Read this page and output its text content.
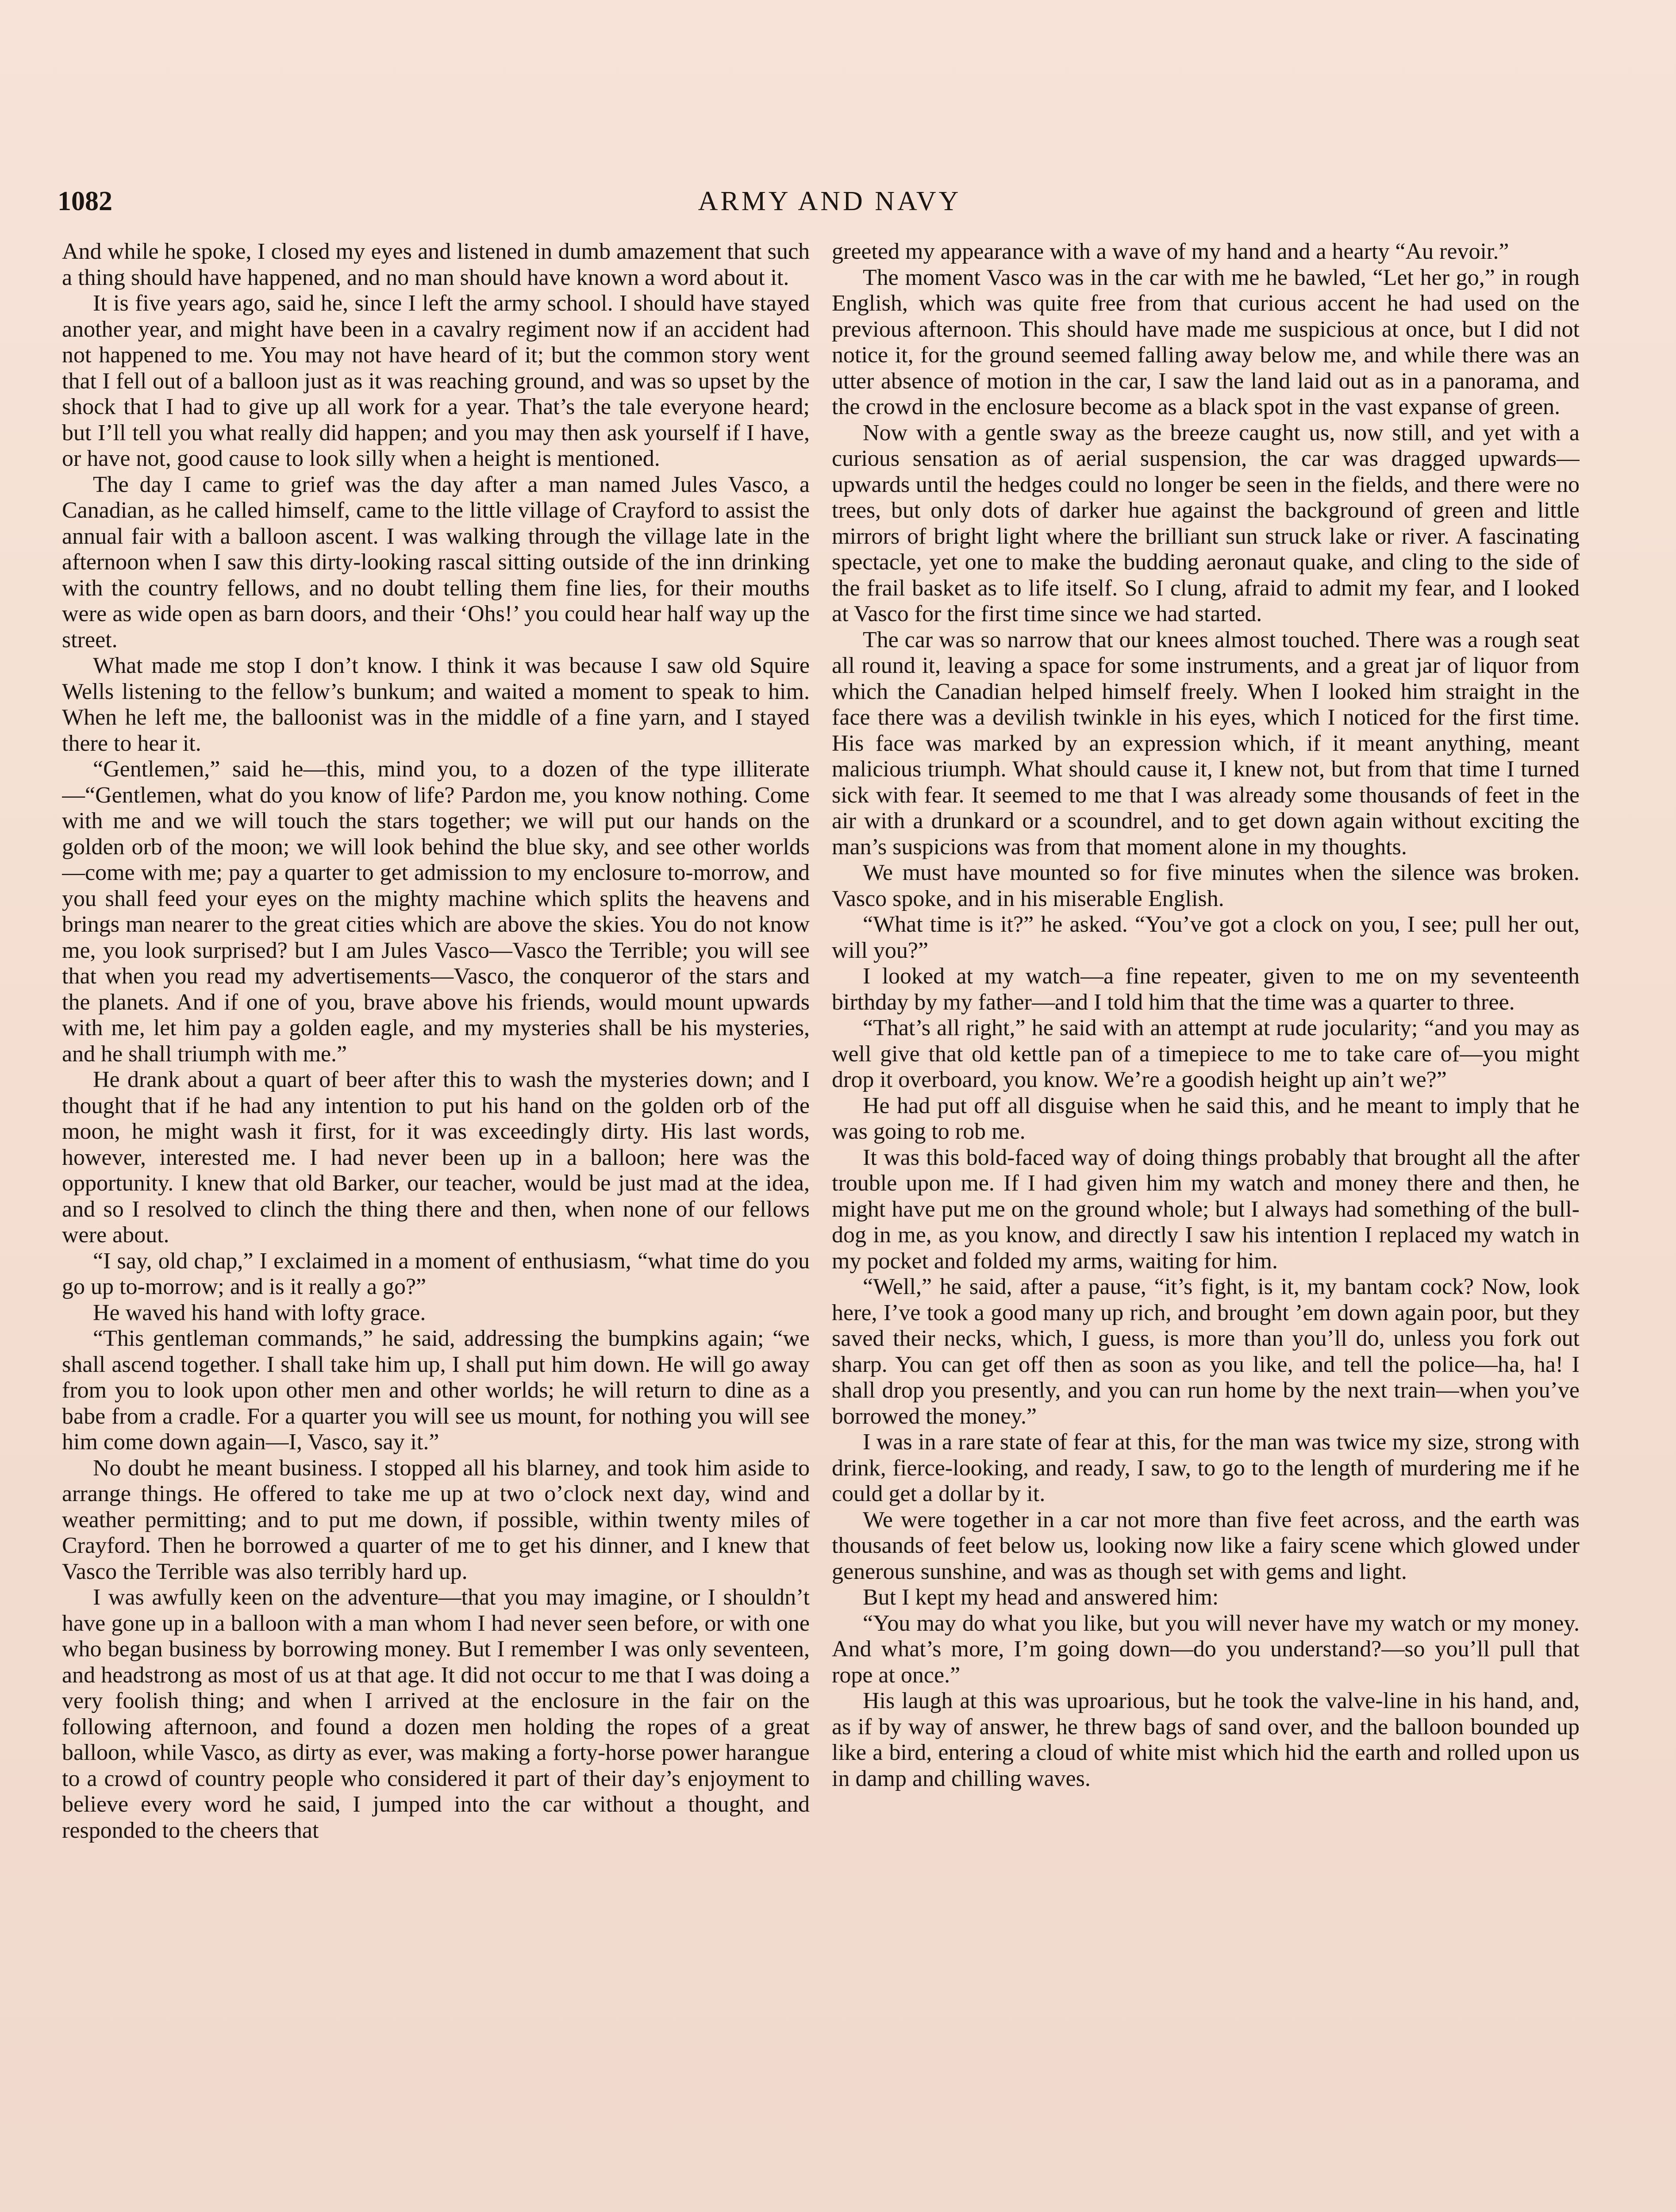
1082	ARMY AND NAVY

And while he spoke, I closed my eyes and listened in dumb amazement that such a thing should have happened, and no man should have known a word about it.

It is five years ago, said he, since I left the army school. I should have stayed another year, and might have been in a cavalry regiment now if an accident had not happened to me. You may not have heard of it; but the common story went that I fell out of a balloon just as it was reaching ground, and was so upset by the shock that I had to give up all work for a year. That’s the tale everyone heard; but I’ll tell you what really did happen; and you may then ask yourself if I have, or have not, good cause to look silly when a height is mentioned.

The day I came to grief was the day after a man named Jules Vasco, a Canadian, as he called himself, came to the little village of Crayford to assist the annual fair with a balloon ascent. I was walking through the village late in the afternoon when I saw this dirty-looking rascal sitting outside of the inn drinking with the country fellows, and no doubt telling them fine lies, for their mouths were as wide open as barn doors, and their ‘Ohs!’ you could hear half way up the street.

What made me stop I don’t know. I think it was because I saw old Squire Wells listening to the fellow’s bunkum; and waited a moment to speak to him. When he left me, the balloonist was in the middle of a fine yarn, and I stayed there to hear it.

“Gentlemen,” said he—this, mind you, to a dozen of the type illiterate—“Gentlemen, what do you know of life? Pardon me, you know nothing. Come with me and we will touch the stars together; we will put our hands on the golden orb of the moon; we will look behind the blue sky, and see other worlds—come with me; pay a quarter to get admission to my enclosure to-morrow, and you shall feed your eyes on the mighty machine which splits the heavens and brings man nearer to the great cities which are above the skies. You do not know me, you look surprised? but I am Jules Vasco—Vasco the Terrible; you will see that when you read my advertisements—Vasco, the conqueror of the stars and the planets. And if one of you, brave above his friends, would mount upwards with me, let him pay a golden eagle, and my mysteries shall be his mysteries, and he shall triumph with me.”

He drank about a quart of beer after this to wash the mysteries down; and I thought that if he had any intention to put his hand on the golden orb of the moon, he might wash it first, for it was exceedingly dirty. His last words, however, interested me. I had never been up in a balloon; here was the opportunity. I knew that old Barker, our teacher, would be just mad at the idea, and so I resolved to clinch the thing there and then, when none of our fellows were about.

“I say, old chap,” I exclaimed in a moment of enthusiasm, “what time do you go up to-morrow; and is it really a go?”

He waved his hand with lofty grace.

“This gentleman commands,” he said, addressing the bumpkins again; “we shall ascend together. I shall take him up, I shall put him down. He will go away from you to look upon other men and other worlds; he will return to dine as a babe from a cradle. For a quarter you will see us mount, for nothing you will see him come down again—I, Vasco, say it.”

No doubt he meant business. I stopped all his blarney, and took him aside to arrange things. He offered to take me up at two o’clock next day, wind and weather permitting; and to put me down, if possible, within twenty miles of Crayford. Then he borrowed a quarter of me to get his dinner, and I knew that Vasco the Terrible was also terribly hard up.

I was awfully keen on the adventure—that you may imagine, or I shouldn’t have gone up in a balloon with a man whom I had never seen before, or with one who began business by borrowing money. But I remember I was only seventeen, and headstrong as most of us at that age. It did not occur to me that I was doing a very foolish thing; and when I arrived at the enclosure in the fair on the following afternoon, and found a dozen men holding the ropes of a great balloon, while Vasco, as dirty as ever, was making a forty-horse power harangue to a crowd of country people who considered it part of their day’s enjoyment to believe every word he said, I jumped into the car without a thought, and responded to the cheers that

greeted my appearance with a wave of my hand and a hearty “Au revoir.”

The moment Vasco was in the car with me he bawled, “Let her go,” in rough English, which was quite free from that curious accent he had used on the previous afternoon. This should have made me suspicious at once, but I did not notice it, for the ground seemed falling away below me, and while there was an utter absence of motion in the car, I saw the land laid out as in a panorama, and the crowd in the enclosure become as a black spot in the vast expanse of green.

Now with a gentle sway as the breeze caught us, now still, and yet with a curious sensation as of aerial suspension, the car was dragged upwards—upwards until the hedges could no longer be seen in the fields, and there were no trees, but only dots of darker hue against the background of green and little mirrors of bright light where the brilliant sun struck lake or river. A fascinating spectacle, yet one to make the budding aeronaut quake, and cling to the side of the frail basket as to life itself. So I clung, afraid to admit my fear, and I looked at Vasco for the first time since we had started.

The car was so narrow that our knees almost touched. There was a rough seat all round it, leaving a space for some instruments, and a great jar of liquor from which the Canadian helped himself freely. When I looked him straight in the face there was a devilish twinkle in his eyes, which I noticed for the first time. His face was marked by an expression which, if it meant anything, meant malicious triumph. What should cause it, I knew not, but from that time I turned sick with fear. It seemed to me that I was already some thousands of feet in the air with a drunkard or a scoundrel, and to get down again without exciting the man’s suspicions was from that moment alone in my thoughts.

We must have mounted so for five minutes when the silence was broken. Vasco spoke, and in his miserable English.

“What time is it?” he asked. “You’ve got a clock on you, I see; pull her out, will you?”

I looked at my watch—a fine repeater, given to me on my seventeenth birthday by my father—and I told him that the time was a quarter to three.

“That’s all right,” he said with an attempt at rude jocularity; “and you may as well give that old kettle pan of a timepiece to me to take care of—you might drop it overboard, you know. We’re a goodish height up ain’t we?”

He had put off all disguise when he said this, and he meant to imply that he was going to rob me.

It was this bold-faced way of doing things probably that brought all the after trouble upon me. If I had given him my watch and money there and then, he might have put me on the ground whole; but I always had something of the bull-dog in me, as you know, and directly I saw his intention I replaced my watch in my pocket and folded my arms, waiting for him.

“Well,” he said, after a pause, “it’s fight, is it, my bantam cock? Now, look here, I’ve took a good many up rich, and brought ’em down again poor, but they saved their necks, which, I guess, is more than you’ll do, unless you fork out sharp. You can get off then as soon as you like, and tell the police—ha, ha! I shall drop you presently, and you can run home by the next train—when you’ve borrowed the money.”

I was in a rare state of fear at this, for the man was twice my size, strong with drink, fierce-looking, and ready, I saw, to go to the length of murdering me if he could get a dollar by it.

We were together in a car not more than five feet across, and the earth was thousands of feet below us, looking now like a fairy scene which glowed under generous sunshine, and was as though set with gems and light.

But I kept my head and answered him:

“You may do what you like, but you will never have my watch or my money. And what’s more, I’m going down—do you understand?—so you’ll pull that rope at once.”

His laugh at this was uproarious, but he took the valve-line in his hand, and, as if by way of answer, he threw bags of sand over, and the balloon bounded up like a bird, entering a cloud of white mist which hid the earth and rolled upon us in damp and chilling waves.
